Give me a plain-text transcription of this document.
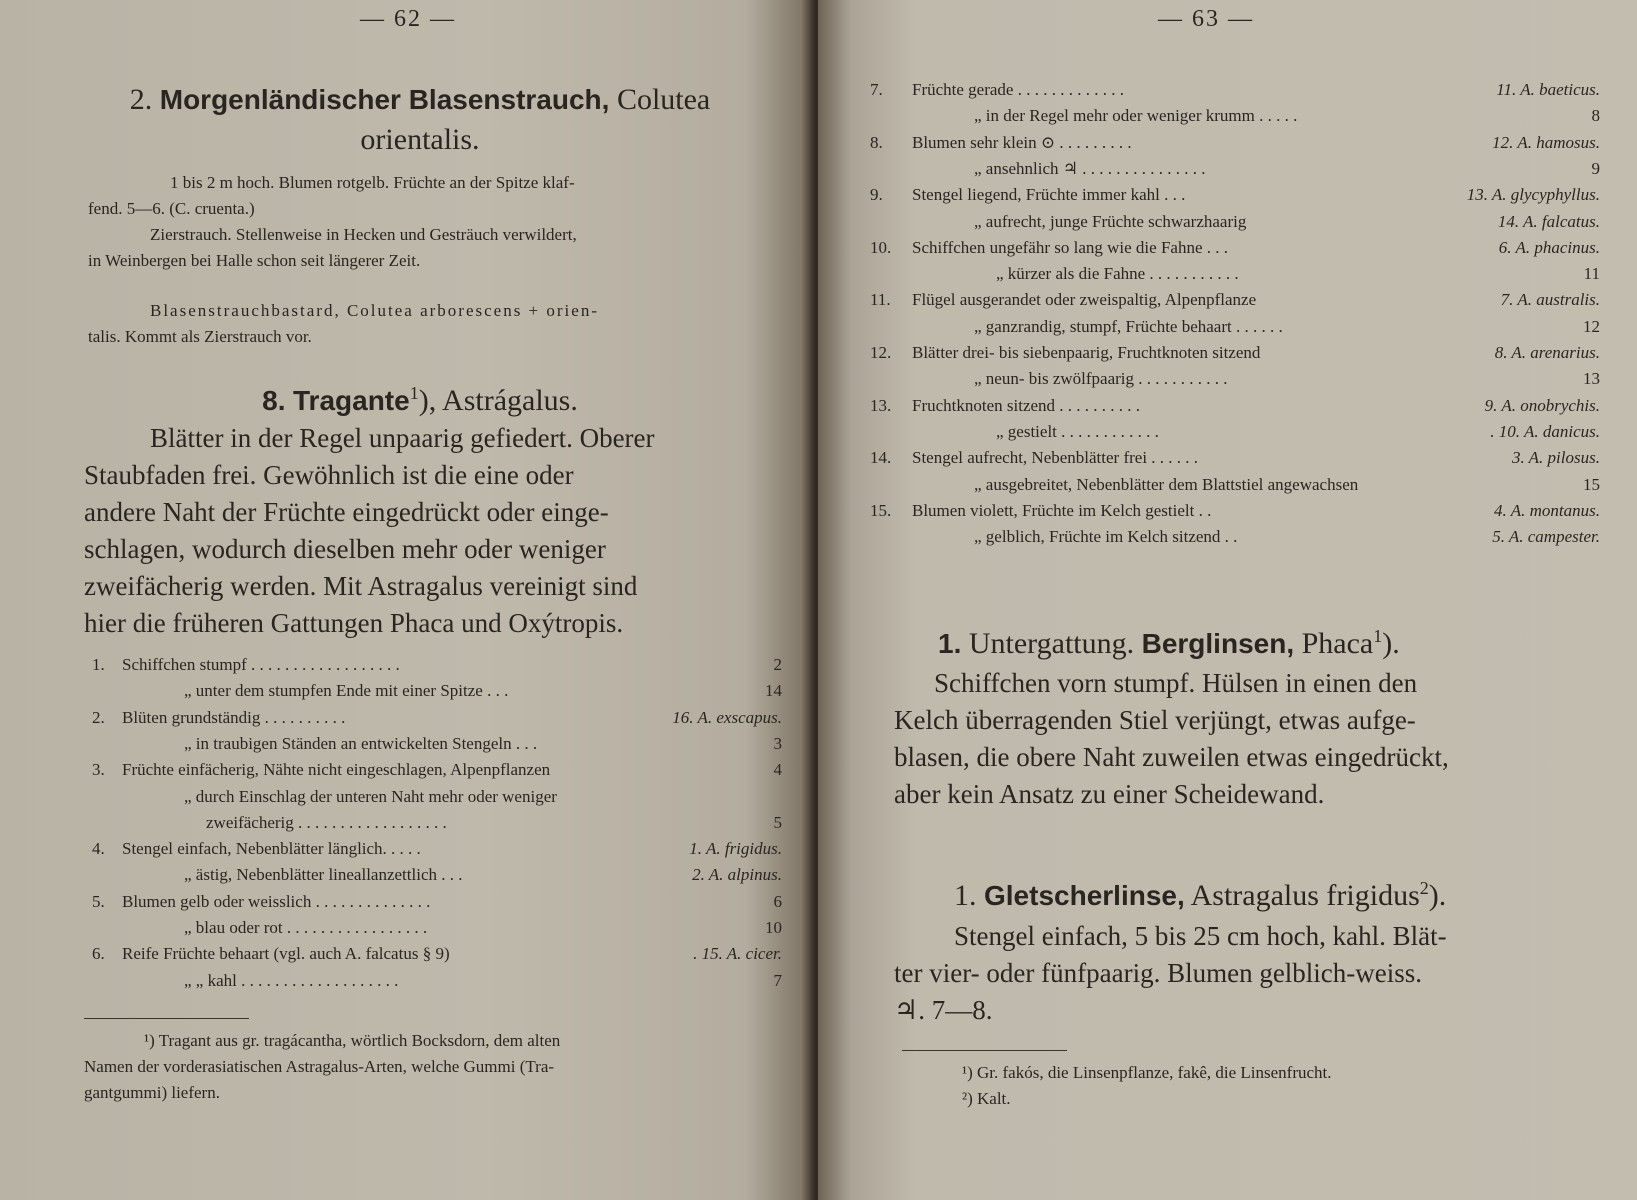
— 62 —
2. Morgenländischer Blasenstrauch, Colutea
orientalis.
1 bis 2 m hoch. Blumen rotgelb. Früchte an der Spitze klaf-
fend. 5—6. (C. cruenta.)
Zierstrauch. Stellenweise in Hecken und Gesträuch verwildert,
in Weinbergen bei Halle schon seit längerer Zeit.
Blasenstrauchbastard, Colutea arborescens + orien-
talis. Kommt als Zierstrauch vor.
8. Tragante$^1$), Astrágalus.
Blätter in der Regel unpaarig gefiedert. Oberer
Staubfaden frei. Gewöhnlich ist die eine oder
andere Naht der Früchte eingedrückt oder einge-
schlagen, wodurch dieselben mehr oder weniger
zweifächerig werden. Mit Astragalus vereinigt sind
hier die früheren Gattungen Phaca und Oxýtropis.
1. Schiffchen stumpf . . . . . . . . . . . . . . . . . .	2
„ unter dem stumpfen Ende mit einer Spitze . . .	14
2. Blüten grundständig . . . . . . . . . .	16. A. exscapus.
„ in traubigen Ständen an entwickelten Stengeln . . .	3
3. Früchte einfächerig, Nähte nicht eingeschlagen, Alpenpflanzen	4
„ durch Einschlag der unteren Naht mehr oder weniger
zweifächerig . . . . . . . . . . . . . . . . . .	5
4. Stengel einfach, Nebenblätter länglich. . . . .	1. A. frigidus.
„ ästig, Nebenblätter lineallanzettlich . . .	2. A. alpinus.
5. Blumen gelb oder weisslich . . . . . . . . . . . . . .	6
„ blau oder rot . . . . . . . . . . . . . . . . .	10
6. Reife Früchte behaart (vgl. auch A. falcatus § 9)	. 15. A. cicer.
„ „ kahl . . . . . . . . . . . . . . . . . . .	7
¹) Tragant aus gr. tragácantha, wörtlich Bocksdorn, dem alten
Namen der vorderasiatischen Astragalus-Arten, welche Gummi (Tra-
gantgummi) liefern.
— 63 —
7. Früchte gerade . . . . . . . . . . . . .	11. A. baeticus.
„ in der Regel mehr oder weniger krumm . . . . .	8
8. Blumen sehr klein ⊙ . . . . . . . . .	12. A. hamosus.
„ ansehnlich ♃ . . . . . . . . . . . . . . .	9
9. Stengel liegend, Früchte immer kahl . . .	13. A. glycyphyllus.
„ aufrecht, junge Früchte schwarzhaarig	14. A. falcatus.
10. Schiffchen ungefähr so lang wie die Fahne . . .	6. A. phacinus.
„ kürzer als die Fahne . . . . . . . . . . .	11
11. Flügel ausgerandet oder zweispaltig, Alpenpflanze	7. A. australis.
„ ganzrandig, stumpf, Früchte behaart . . . . . .	12
12. Blätter drei- bis siebenpaarig, Fruchtknoten sitzend	8. A. arenarius.
„ neun- bis zwölfpaarig . . . . . . . . . . .	13
13. Fruchtknoten sitzend . . . . . . . . . .	9. A. onobrychis.
„ gestielt . . . . . . . . . . . .	. 10. A. danicus.
14. Stengel aufrecht, Nebenblätter frei . . . . . .	3. A. pilosus.
„ ausgebreitet, Nebenblätter dem Blattstiel angewachsen	15
15. Blumen violett, Früchte im Kelch gestielt . .	4. A. montanus.
„ gelblich, Früchte im Kelch sitzend . .	5. A. campester.
1. Untergattung. Berglinsen, Phaca$^1$).
Schiffchen vorn stumpf. Hülsen in einen den
Kelch überragenden Stiel verjüngt, etwas aufge-
blasen, die obere Naht zuweilen etwas eingedrückt,
aber kein Ansatz zu einer Scheidewand.
1. Gletscherlinse, Astragalus frigidus$^2$).
Stengel einfach, 5 bis 25 cm hoch, kahl. Blät-
ter vier- oder fünfpaarig. Blumen gelblich-weiss.
♃. 7—8.
¹) Gr. fakós, die Linsenpflanze, fakê, die Linsenfrucht.
²) Kalt.
